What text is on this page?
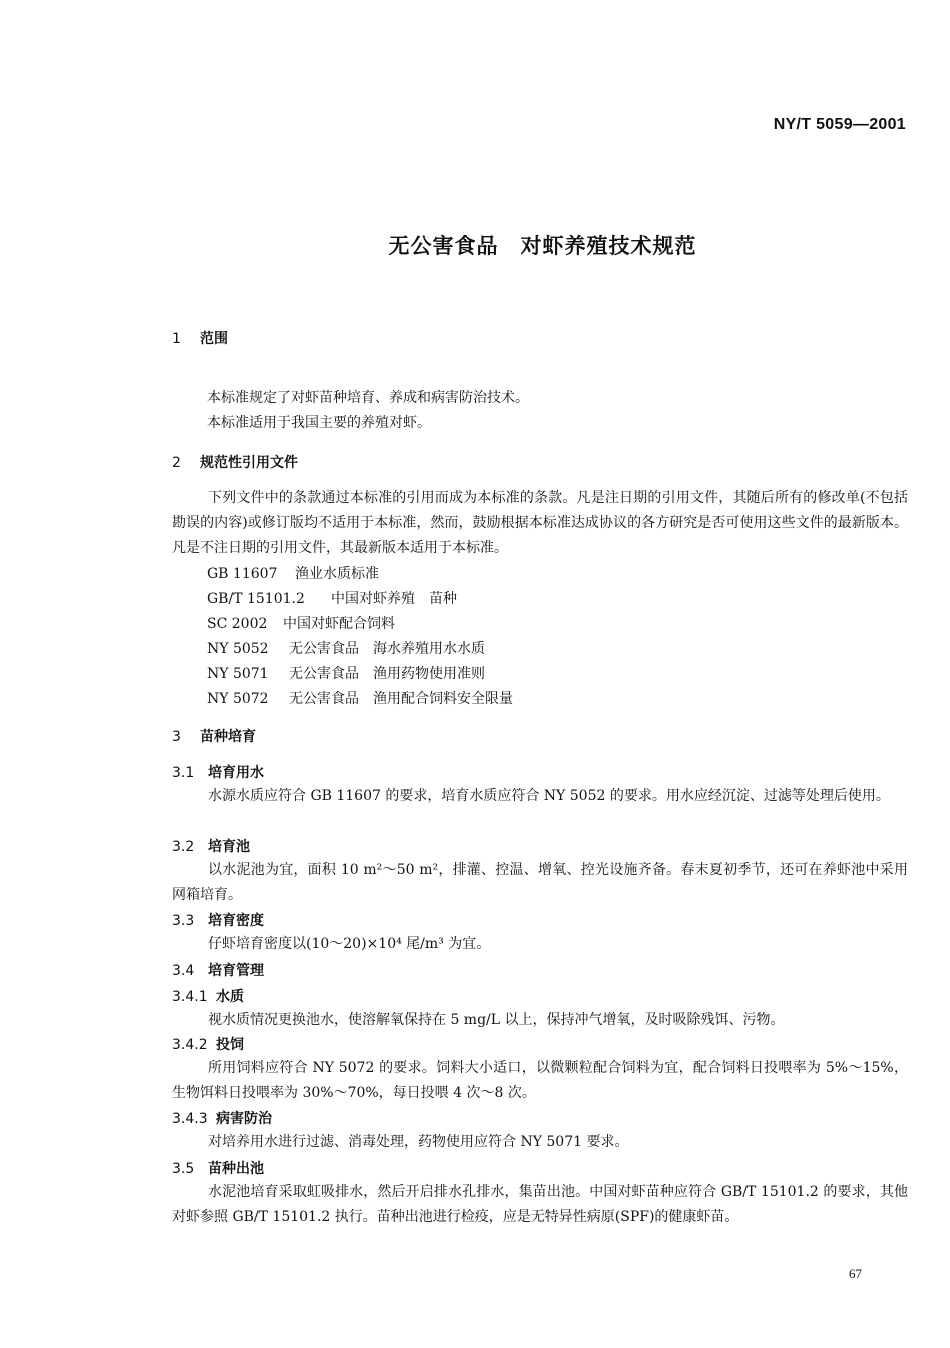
NY/T 5059—2001
无公害食品 对虾养殖技术规范
1 范围
本标准规定了对虾苗种培育、养成和病害防治技术。
本标准适用于我国主要的养殖对虾。
2 规范性引用文件
下列文件中的条款通过本标准的引用而成为本标准的条款。凡是注日期的引用文件，其随后所有的修改单(不包括勘误的内容)或修订版均不适用于本标准，然而，鼓励根据本标准达成协议的各方研究是否可使用这些文件的最新版本。凡是不注日期的引用文件，其最新版本适用于本标准。
GB 11607 渔业水质标准
GB/T 15101.2 中国对虾养殖　苗种
SC 2002 中国对虾配合饲料
NY 5052 无公害食品　海水养殖用水水质
NY 5071 无公害食品　渔用药物使用准则
NY 5072 无公害食品　渔用配合饲料安全限量
3 苗种培育
3.1 培育用水
水源水质应符合 GB 11607 的要求，培育水质应符合 NY 5052 的要求。用水应经沉淀、过滤等处理后使用。
3.2 培育池
以水泥池为宜，面积 10 m²～50 m²，排灌、控温、增氧、控光设施齐备。春末夏初季节，还可在养虾池中采用网箱培育。
3.3 培育密度
仔虾培育密度以(10～20)×10⁴ 尾/m³ 为宜。
3.4 培育管理
3.4.1 水质
视水质情况更换池水，使溶解氧保持在 5 mg/L 以上，保持冲气增氧，及时吸除残饵、污物。
3.4.2 投饲
所用饲料应符合 NY 5072 的要求。饲料大小适口，以微颗粒配合饲料为宜，配合饲料日投喂率为 5%～15%，生物饵料日投喂率为 30%～70%，每日投喂 4 次～8 次。
3.4.3 病害防治
对培养用水进行过滤、消毒处理，药物使用应符合 NY 5071 要求。
3.5 苗种出池
水泥池培育采取虹吸排水，然后开启排水孔排水，集苗出池。中国对虾苗种应符合 GB/T 15101.2 的要求，其他对虾参照 GB/T 15101.2 执行。苗种出池进行检疫，应是无特异性病原(SPF)的健康虾苗。
67
